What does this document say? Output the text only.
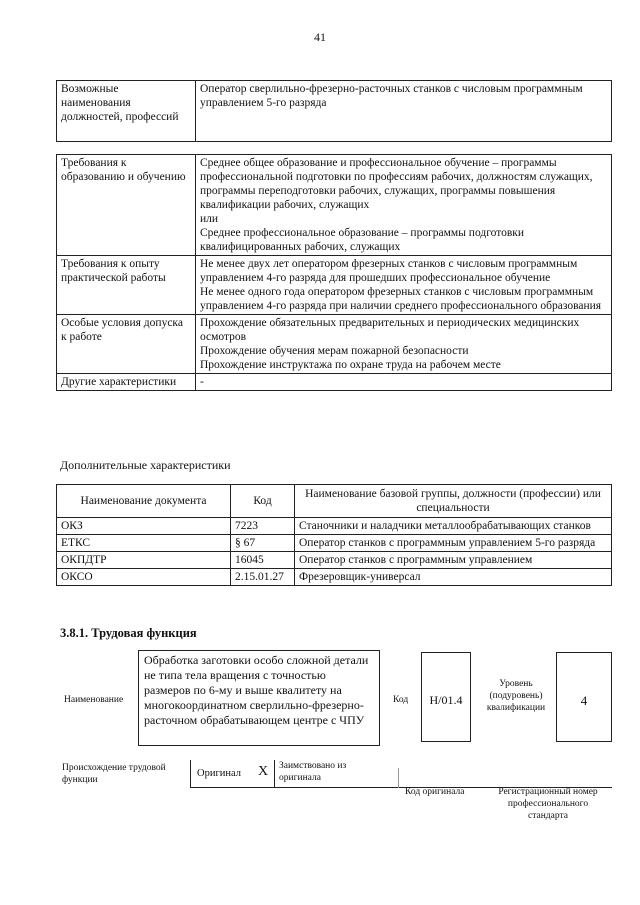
41
Возможные наименования должностей, профессий	Оператор сверлильно-фрезерно-расточных станков с числовым программным управлением 5-го разряда
Требования к образованию и обучению	Среднее общее образование и профессиональное обучение – программы профессиональной подготовки по профессиям рабочих, должностям служащих, программы переподготовки рабочих, служащих, программы повышения квалификации рабочих, служащих
или
Среднее профессиональное образование – программы подготовки квалифицированных рабочих, служащих

Требования к опыту практической работы	Не менее двух лет оператором фрезерных станков с числовым программным управлением 4-го разряда для прошедших профессиональное обучение
Не менее одного года оператором фрезерных станков с числовым программным управлением 4-го разряда при наличии среднего профессионального образования

Особые условия допуска к работе	Прохождение обязательных предварительных и периодических медицинских осмотров
Прохождение обучения мерам пожарной безопасности
Прохождение инструктажа по охране труда на рабочем месте

Другие характеристики	-
Дополнительные характеристики
Наименование документа	Код	Наименование базовой группы, должности (профессии) или специальности
ОКЗ	7223	Станочники и наладчики металлообрабатывающих станков
ЕТКС	§ 67	Оператор станков с программным управлением 5-го разряда
ОКПДТР	16045	Оператор станков с программным управлением
ОКСО	2.15.01.27	Фрезеровщик-универсал
3.8.1. Трудовая функция
Наименование
Обработка заготовки особо сложной детали не типа тела вращения с точностью размеров по 6-му и выше квалитету на многокоординатном сверлильно-фрезерно-расточном обрабатывающем центре с ЧПУ
Код	H/01.4
Уровень (подуровень) квалификации	4
Происхождение трудовой функции
Оригинал X Заимствовано из оригинала
Код оригинала	Регистрационный номер профессионального стандарта
